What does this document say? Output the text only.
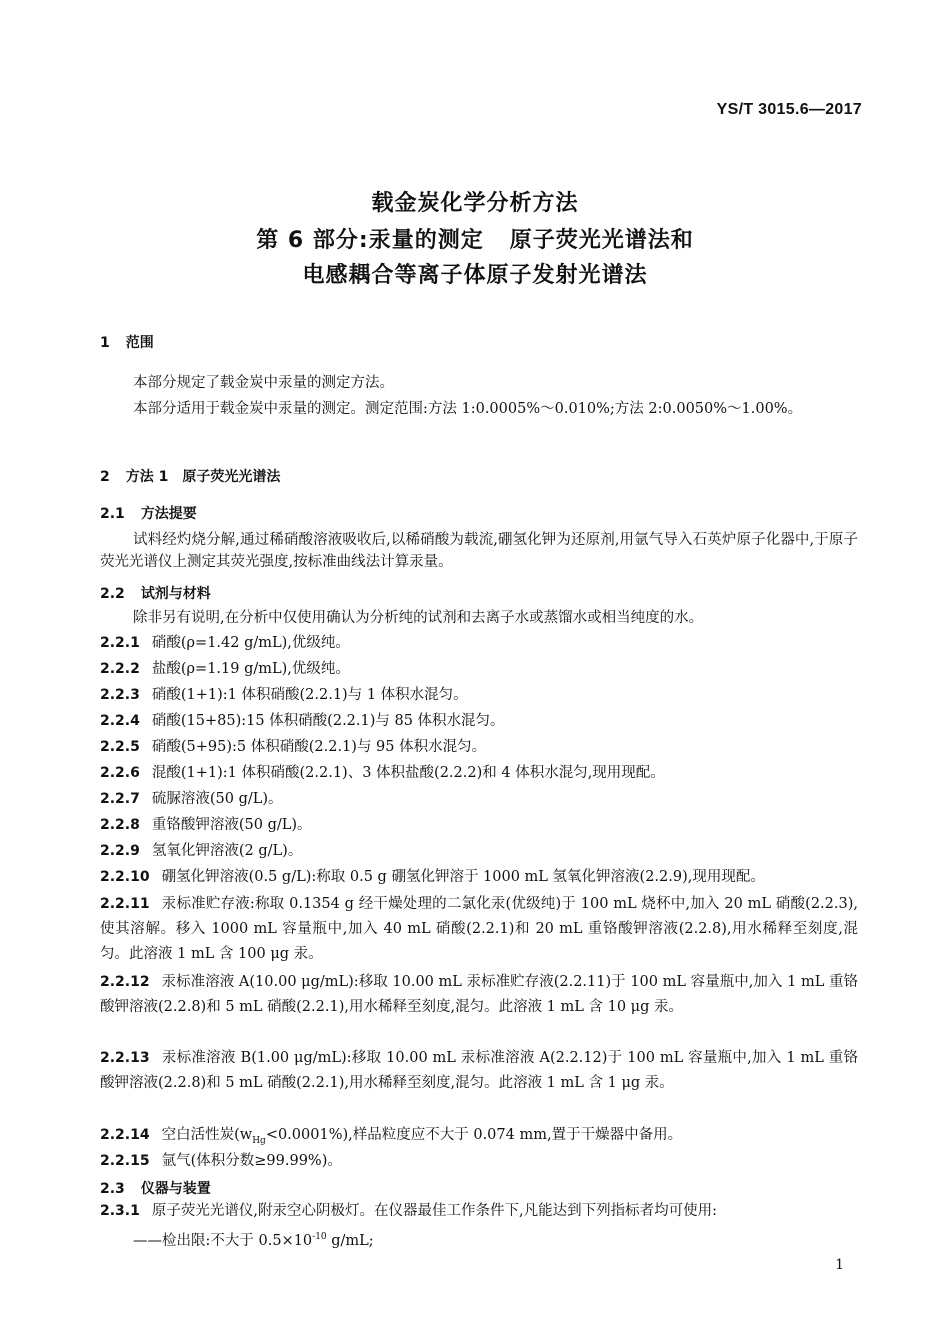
YS/T 3015.6—2017
载金炭化学分析方法
第 6 部分:汞量的测定 原子荧光光谱法和
电感耦合等离子体原子发射光谱法
1 范围
本部分规定了载金炭中汞量的测定方法。
本部分适用于载金炭中汞量的测定。测定范围:方法 1:0.0005%～0.010%;方法 2:0.0050%～1.00%。
2 方法 1　原子荧光光谱法
2.1 方法提要
试料经灼烧分解,通过稀硝酸溶液吸收后,以稀硝酸为载流,硼氢化钾为还原剂,用氩气导入石英炉原子化器中,于原子荧光光谱仪上测定其荧光强度,按标准曲线法计算汞量。
2.2 试剂与材料
除非另有说明,在分析中仅使用确认为分析纯的试剂和去离子水或蒸馏水或相当纯度的水。
2.2.1 硝酸(ρ=1.42 g/mL),优级纯。
2.2.2 盐酸(ρ=1.19 g/mL),优级纯。
2.2.3 硝酸(1+1):1 体积硝酸(2.2.1)与 1 体积水混匀。
2.2.4 硝酸(15+85):15 体积硝酸(2.2.1)与 85 体积水混匀。
2.2.5 硝酸(5+95):5 体积硝酸(2.2.1)与 95 体积水混匀。
2.2.6 混酸(1+1):1 体积硝酸(2.2.1)、3 体积盐酸(2.2.2)和 4 体积水混匀,现用现配。
2.2.7 硫脲溶液(50 g/L)。
2.2.8 重铬酸钾溶液(50 g/L)。
2.2.9 氢氧化钾溶液(2 g/L)。
2.2.10 硼氢化钾溶液(0.5 g/L):称取 0.5 g 硼氢化钾溶于 1000 mL 氢氧化钾溶液(2.2.9),现用现配。
2.2.11 汞标准贮存液:称取 0.1354 g 经干燥处理的二氯化汞(优级纯)于 100 mL 烧杯中,加入 20 mL 硝酸(2.2.3),使其溶解。移入 1000 mL 容量瓶中,加入 40 mL 硝酸(2.2.1)和 20 mL 重铬酸钾溶液(2.2.8),用水稀释至刻度,混匀。此溶液 1 mL 含 100 μg 汞。
2.2.12 汞标准溶液 A(10.00 μg/mL):移取 10.00 mL 汞标准贮存液(2.2.11)于 100 mL 容量瓶中,加入 1 mL 重铬酸钾溶液(2.2.8)和 5 mL 硝酸(2.2.1),用水稀释至刻度,混匀。此溶液 1 mL 含 10 μg 汞。
2.2.13 汞标准溶液 B(1.00 μg/mL):移取 10.00 mL 汞标准溶液 A(2.2.12)于 100 mL 容量瓶中,加入 1 mL 重铬酸钾溶液(2.2.8)和 5 mL 硝酸(2.2.1),用水稀释至刻度,混匀。此溶液 1 mL 含 1 μg 汞。
2.2.14 空白活性炭$(w_{Hg}<0.0001\%)$,样品粒度应不大于 0.074 mm,置于干燥器中备用。
2.2.15 氩气(体积分数≥99.99%)。
2.3 仪器与装置
2.3.1 原子荧光光谱仪,附汞空心阴极灯。在仪器最佳工作条件下,凡能达到下列指标者均可使用:
——检出限:不大于 $0.5\times 10^{-10}$ g/mL;
1
